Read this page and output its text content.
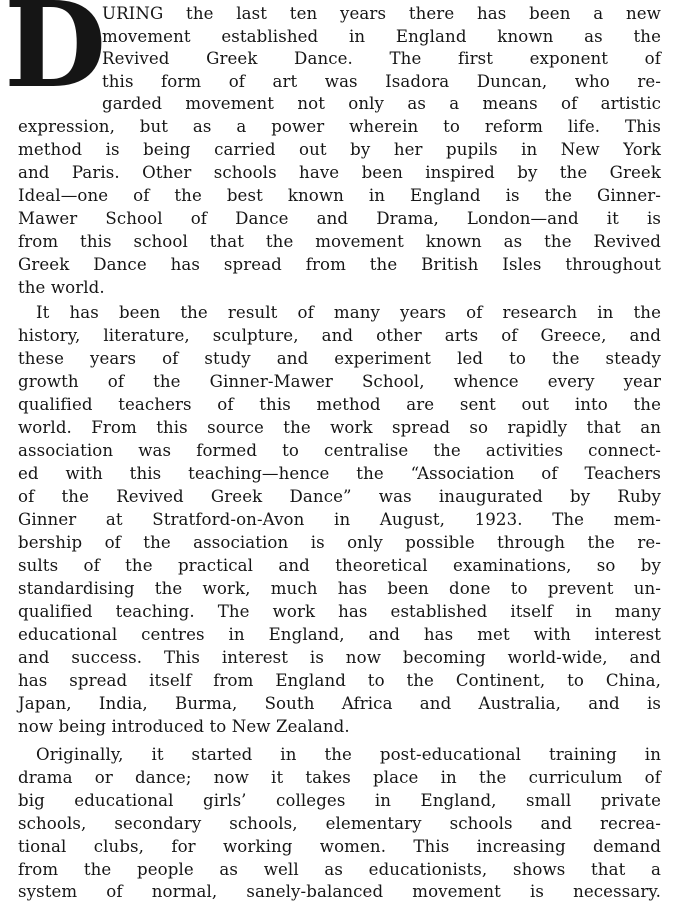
D
URING the last ten years there has been a new
movement established in England known as the
Revived Greek Dance. The first exponent of
this form of art was Isadora Duncan, who re-
garded movement not only as a means of artistic
expression, but as a power wherein to reform life. This
method is being carried out by her pupils in New York
and Paris. Other schools have been inspired by the Greek
Ideal—one of the best known in England is the Ginner-
Mawer School of Dance and Drama, London—and it is
from this school that the movement known as the Revived
Greek Dance has spread from the British Isles throughout
the world.
It has been the result of many years of research in the
history, literature, sculpture, and other arts of Greece, and
these years of study and experiment led to the steady
growth of the Ginner-Mawer School, whence every year
qualified teachers of this method are sent out into the
world. From this source the work spread so rapidly that an
association was formed to centralise the activities connect-
ed with this teaching—hence the “Association of Teachers
of the Revived Greek Dance” was inaugurated by Ruby
Ginner at Stratford-on-Avon in August, 1923. The mem-
bership of the association is only possible through the re-
sults of the practical and theoretical examinations, so by
standardising the work, much has been done to prevent un-
qualified teaching. The work has established itself in many
educational centres in England, and has met with interest
and success. This interest is now becoming world-wide, and
has spread itself from England to the Continent, to China,
Japan, India, Burma, South Africa and Australia, and is
now being introduced to New Zealand.
Originally, it started in the post-educational training in
drama or dance; now it takes place in the curriculum of
big educational girls’ colleges in England, small private
schools, secondary schools, elementary schools and recrea-
tional clubs, for working women. This increasing demand
from the people as well as educationists, shows that a
system of normal, sanely-balanced movement is necessary.
